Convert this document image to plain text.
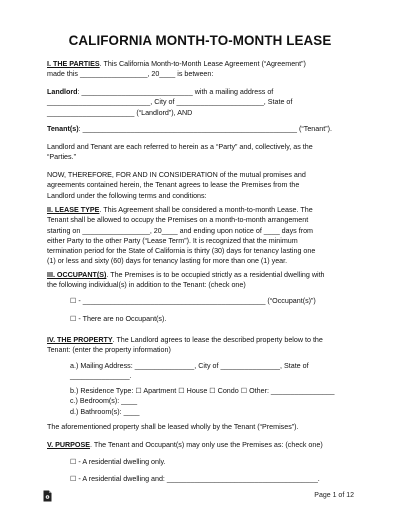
CALIFORNIA MONTH-TO-MONTH LEASE
I. THE PARTIES. This California Month-to-Month Lease Agreement (“Agreement”)
made this _________________, 20____ is between:
Landlord: ____________________________ with a mailing address of
__________________________, City of ______________________, State of
______________________ (“Landlord”), AND
Tenant(s): ______________________________________________________ (“Tenant”).
Landlord and Tenant are each referred to herein as a “Party” and, collectively, as the
“Parties.”
NOW, THEREFORE, FOR AND IN CONSIDERATION of the mutual promises and
agreements contained herein, the Tenant agrees to lease the Premises from the
Landlord under the following terms and conditions:
II. LEASE TYPE. This Agreement shall be considered a month-to-month Lease. The
Tenant shall be allowed to occupy the Premises on a month-to-month arrangement
starting on _________________, 20____ and ending upon notice of ____ days from
either Party to the other Party (“Lease Term”). It is recognized that the minimum
termination period for the State of California is thirty (30) days for tenancy lasting one
(1) or less and sixty (60) days for tenancy lasting for more than one (1) year.
III. OCCUPANT(S). The Premises is to be occupied strictly as a residential dwelling with
the following individual(s) in addition to the Tenant: (check one)
☐ - ______________________________________________ (“Occupant(s)”)
☐ - There are no Occupant(s).
IV. THE PROPERTY. The Landlord agrees to lease the described property below to the
Tenant: (enter the property information)
a.) Mailing Address: _______________, City of _______________, State of
_______________.
b.) Residence Type: ☐ Apartment ☐ House ☐ Condo ☐ Other: ________________
c.) Bedroom(s): ____
d.) Bathroom(s): ____
The aforementioned property shall be leased wholly by the Tenant (“Premises”).
V. PURPOSE. The Tenant and Occupant(s) may only use the Premises as: (check one)
☐ - A residential dwelling only.
☐ - A residential dwelling and: ______________________________________.
Page 1 of 12
